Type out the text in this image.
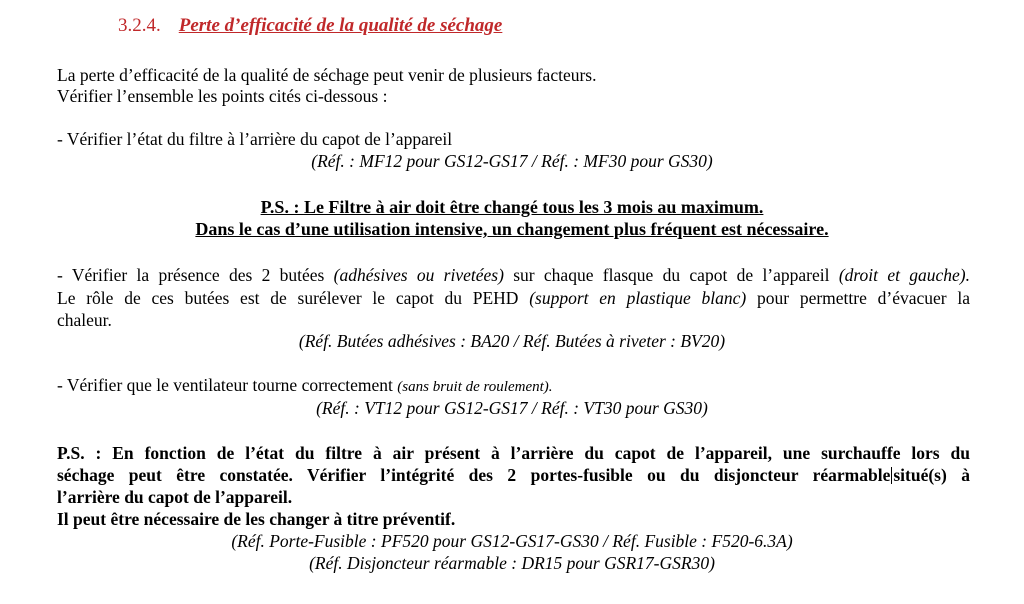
3.2.4. Perte d’efficacité de la qualité de séchage
La perte d’efficacité de la qualité de séchage peut venir de plusieurs facteurs.
Vérifier l’ensemble les points cités ci-dessous :
- Vérifier l’état du filtre à l’arrière du capot de l’appareil
(Réf. : MF12 pour GS12-GS17 / Réf. : MF30 pour GS30)
P.S. : Le Filtre à air doit être changé tous les 3 mois au maximum.
Dans le cas d’une utilisation intensive, un changement plus fréquent est nécessaire.
- Vérifier la présence des 2 butées (adhésives ou rivetées) sur chaque flasque du capot de l’appareil (droit et gauche).
Le rôle de ces butées est de surélever le capot du PEHD (support en plastique blanc) pour permettre d’évacuer la
chaleur.
(Réf. Butées adhésives : BA20 / Réf. Butées à riveter : BV20)
- Vérifier que le ventilateur tourne correctement (sans bruit de roulement).
(Réf. : VT12 pour GS12-GS17 / Réf. : VT30 pour GS30)
P.S. : En fonction de l’état du filtre à air présent à l’arrière du capot de l’appareil, une surchauffe lors du
séchage peut être constatée. Vérifier l’intégrité des 2 portes-fusible ou du disjoncteur réarmable situé(s) à
l’arrière du capot de l’appareil.
Il peut être nécessaire de les changer à titre préventif.
(Réf. Porte-Fusible : PF520 pour GS12-GS17-GS30 / Réf. Fusible : F520-6.3A)
(Réf. Disjoncteur réarmable : DR15 pour GSR17-GSR30)
